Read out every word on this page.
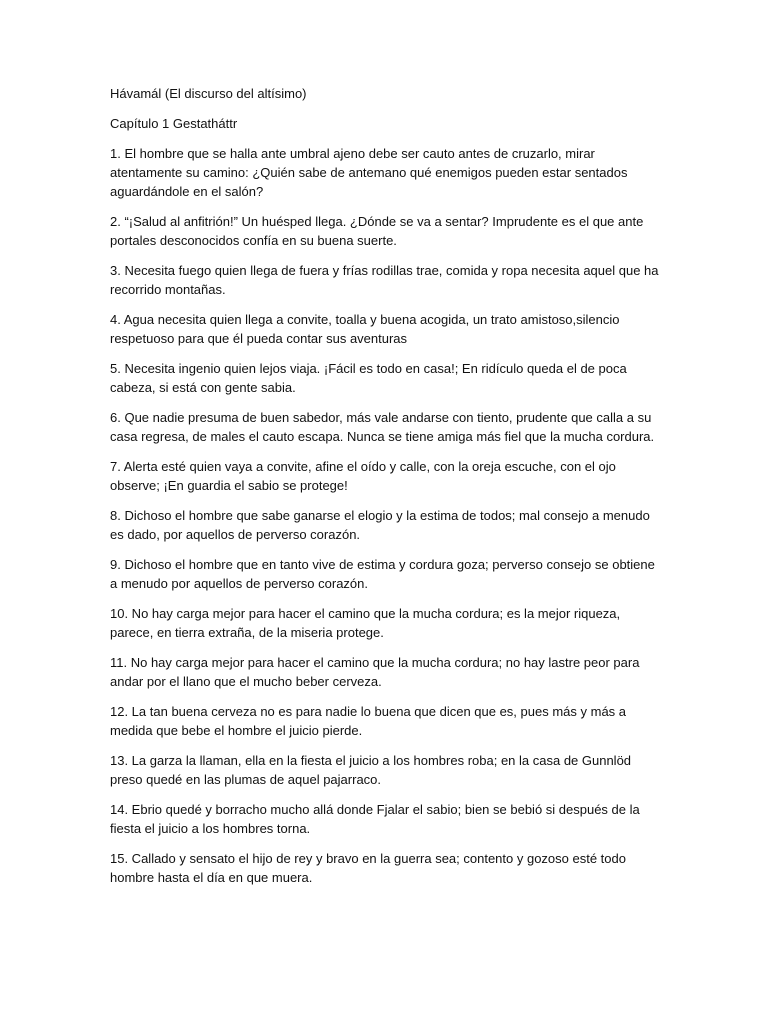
Hávamál (El discurso del altísimo)

Capítulo 1 Gestatháttr

1. El hombre que se halla ante umbral ajeno debe ser cauto antes de cruzarlo, mirar atentamente su camino: ¿Quién sabe de antemano qué enemigos pueden estar sentados aguardándole en el salón?

2. “¡Salud al anfitrión!” Un huésped llega. ¿Dónde se va a sentar? Imprudente es el que ante portales desconocidos confía en su buena suerte.

3. Necesita fuego quien llega de fuera y frías rodillas trae, comida y ropa necesita aquel que ha recorrido montañas.

4. Agua necesita quien llega a convite, toalla y buena acogida, un trato amistoso,silencio respetuoso para que él pueda contar sus aventuras

5. Necesita ingenio quien lejos viaja. ¡Fácil es todo en casa!; En ridículo queda el de poca cabeza, si está con gente sabia.

6. Que nadie presuma de buen sabedor, más vale andarse con tiento, prudente que calla a su casa regresa, de males el cauto escapa. Nunca se tiene amiga más fiel que la mucha cordura.

7. Alerta esté quien vaya a convite, afine el oído y calle, con la oreja escuche, con el ojo observe; ¡En guardia el sabio se protege!

8. Dichoso el hombre que sabe ganarse el elogio y la estima de todos; mal consejo a menudo es dado, por aquellos de perverso corazón.

9. Dichoso el hombre que en tanto vive de estima y cordura goza; perverso consejo se obtiene a menudo por aquellos de perverso corazón.

10. No hay carga mejor para hacer el camino que la mucha cordura; es la mejor riqueza, parece, en tierra extraña, de la miseria protege.

11. No hay carga mejor para hacer el camino que la mucha cordura; no hay lastre peor para andar por el llano que el mucho beber cerveza.

12. La tan buena cerveza no es para nadie lo buena que dicen que es, pues más y más a medida que bebe el hombre el juicio pierde.

13. La garza la llaman, ella en la fiesta el juicio a los hombres roba; en la casa de Gunnlöd preso quedé en las plumas de aquel pajarraco.

14. Ebrio quedé y borracho mucho allá donde Fjalar el sabio; bien se bebió si después de la fiesta el juicio a los hombres torna.

15. Callado y sensato el hijo de rey y bravo en la guerra sea; contento y gozoso esté todo hombre hasta el día en que muera.
